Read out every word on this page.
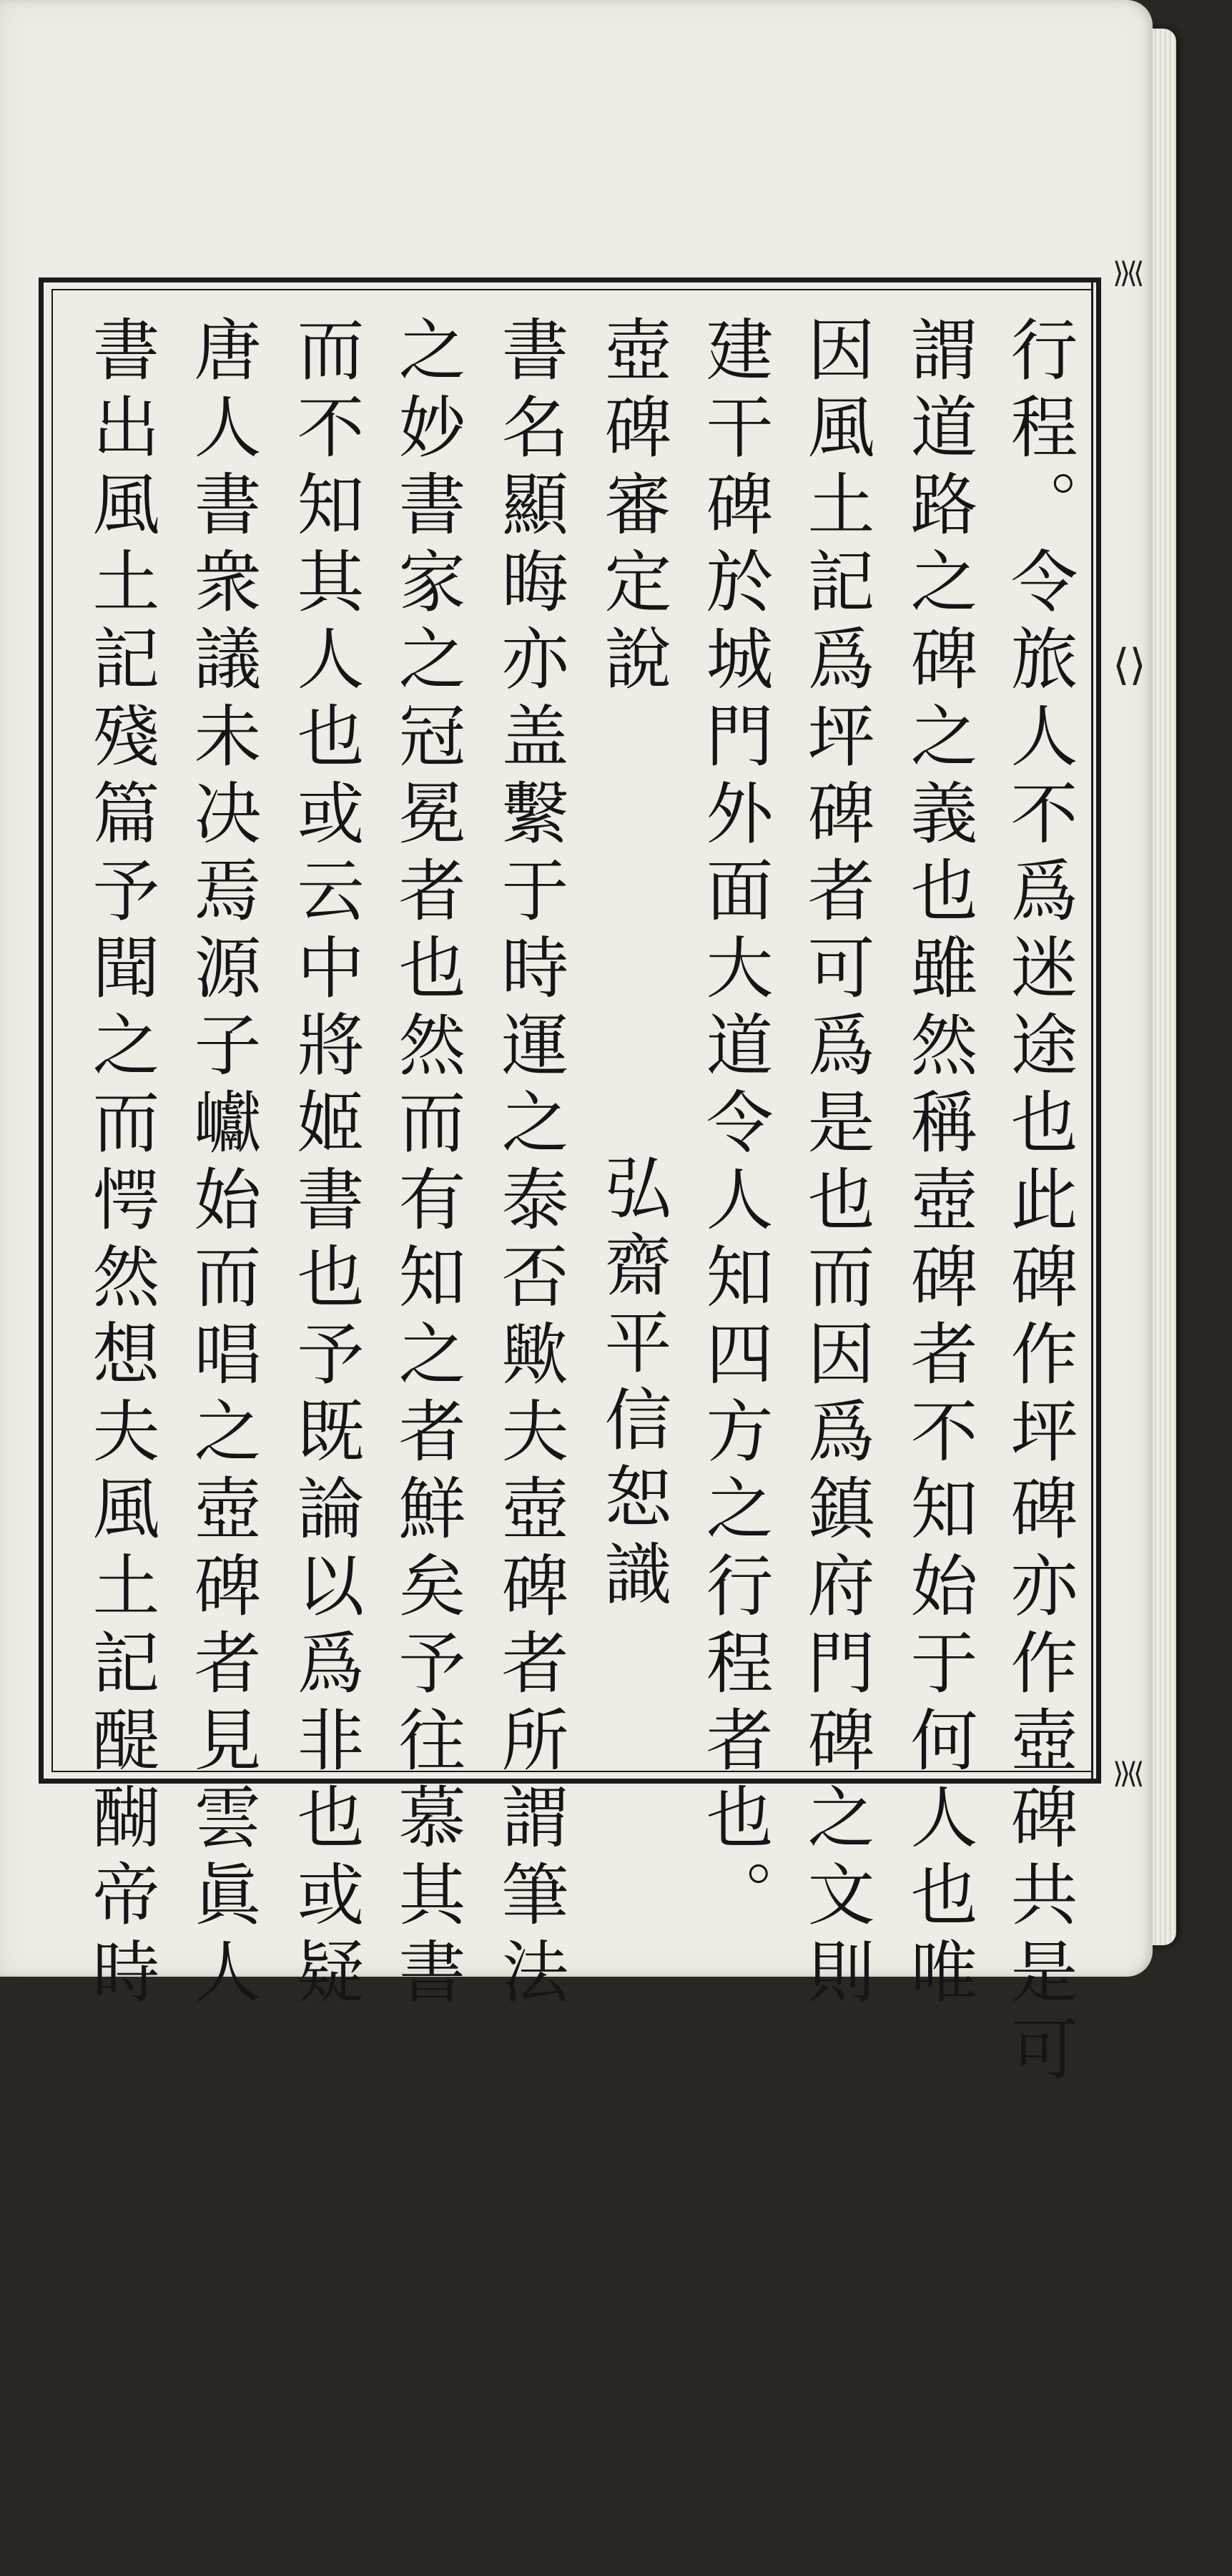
⟩⟩⟨⟨
⟨⟩
⟩⟩⟨⟨
行程。令旅人不爲迷途也此碑作坪碑亦作壺碑共是可
謂道路之碑之義也雖然稱壺碑者不知始于何人也唯
因風土記爲坪碑者可爲是也而因爲鎮府門碑之文則
建干碑於城門外面大道令人知四方之行程者也。
壺碑審定說
弘齋平信恕識
書名顯晦亦盖繫于時運之泰否歟夫壺碑者所謂筆法
之妙書家之冠冕者也然而有知之者鮮矣予往慕其書
而不知其人也或云中將姬書也予既論以爲非也或疑
唐人書衆議未决焉源子巘始而唱之壺碑者見雲眞人
書出風土記殘篇予聞之而愕然想夫風土記醍醐帝時
